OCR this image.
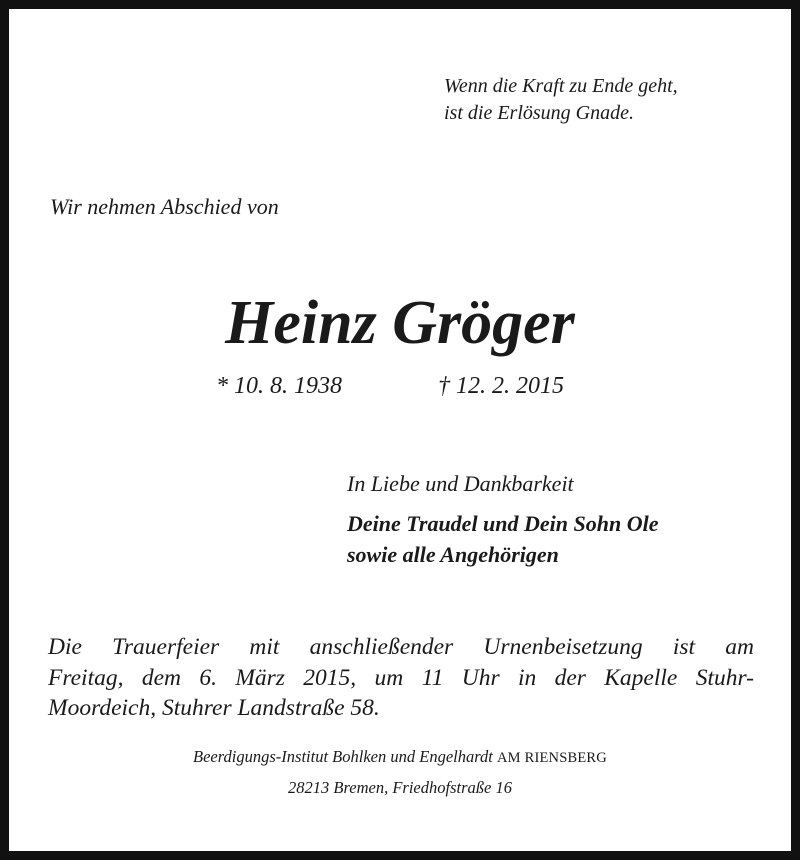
Wenn die Kraft zu Ende geht,
ist die Erlösung Gnade.
Wir nehmen Abschied von
Heinz Gröger
* 10. 8. 1938	† 12. 2. 2015
In Liebe und Dankbarkeit
Deine Traudel und Dein Sohn Ole
sowie alle Angehörigen
Die Trauerfeier mit anschließender Urnenbeisetzung ist am
Freitag, dem 6. März 2015, um 11 Uhr in der Kapelle Stuhr-
Moordeich, Stuhrer Landstraße 58.
Beerdigungs-Institut Bohlken und Engelhardt AM RIENSBERG
28213 Bremen, Friedhofstraße 16
